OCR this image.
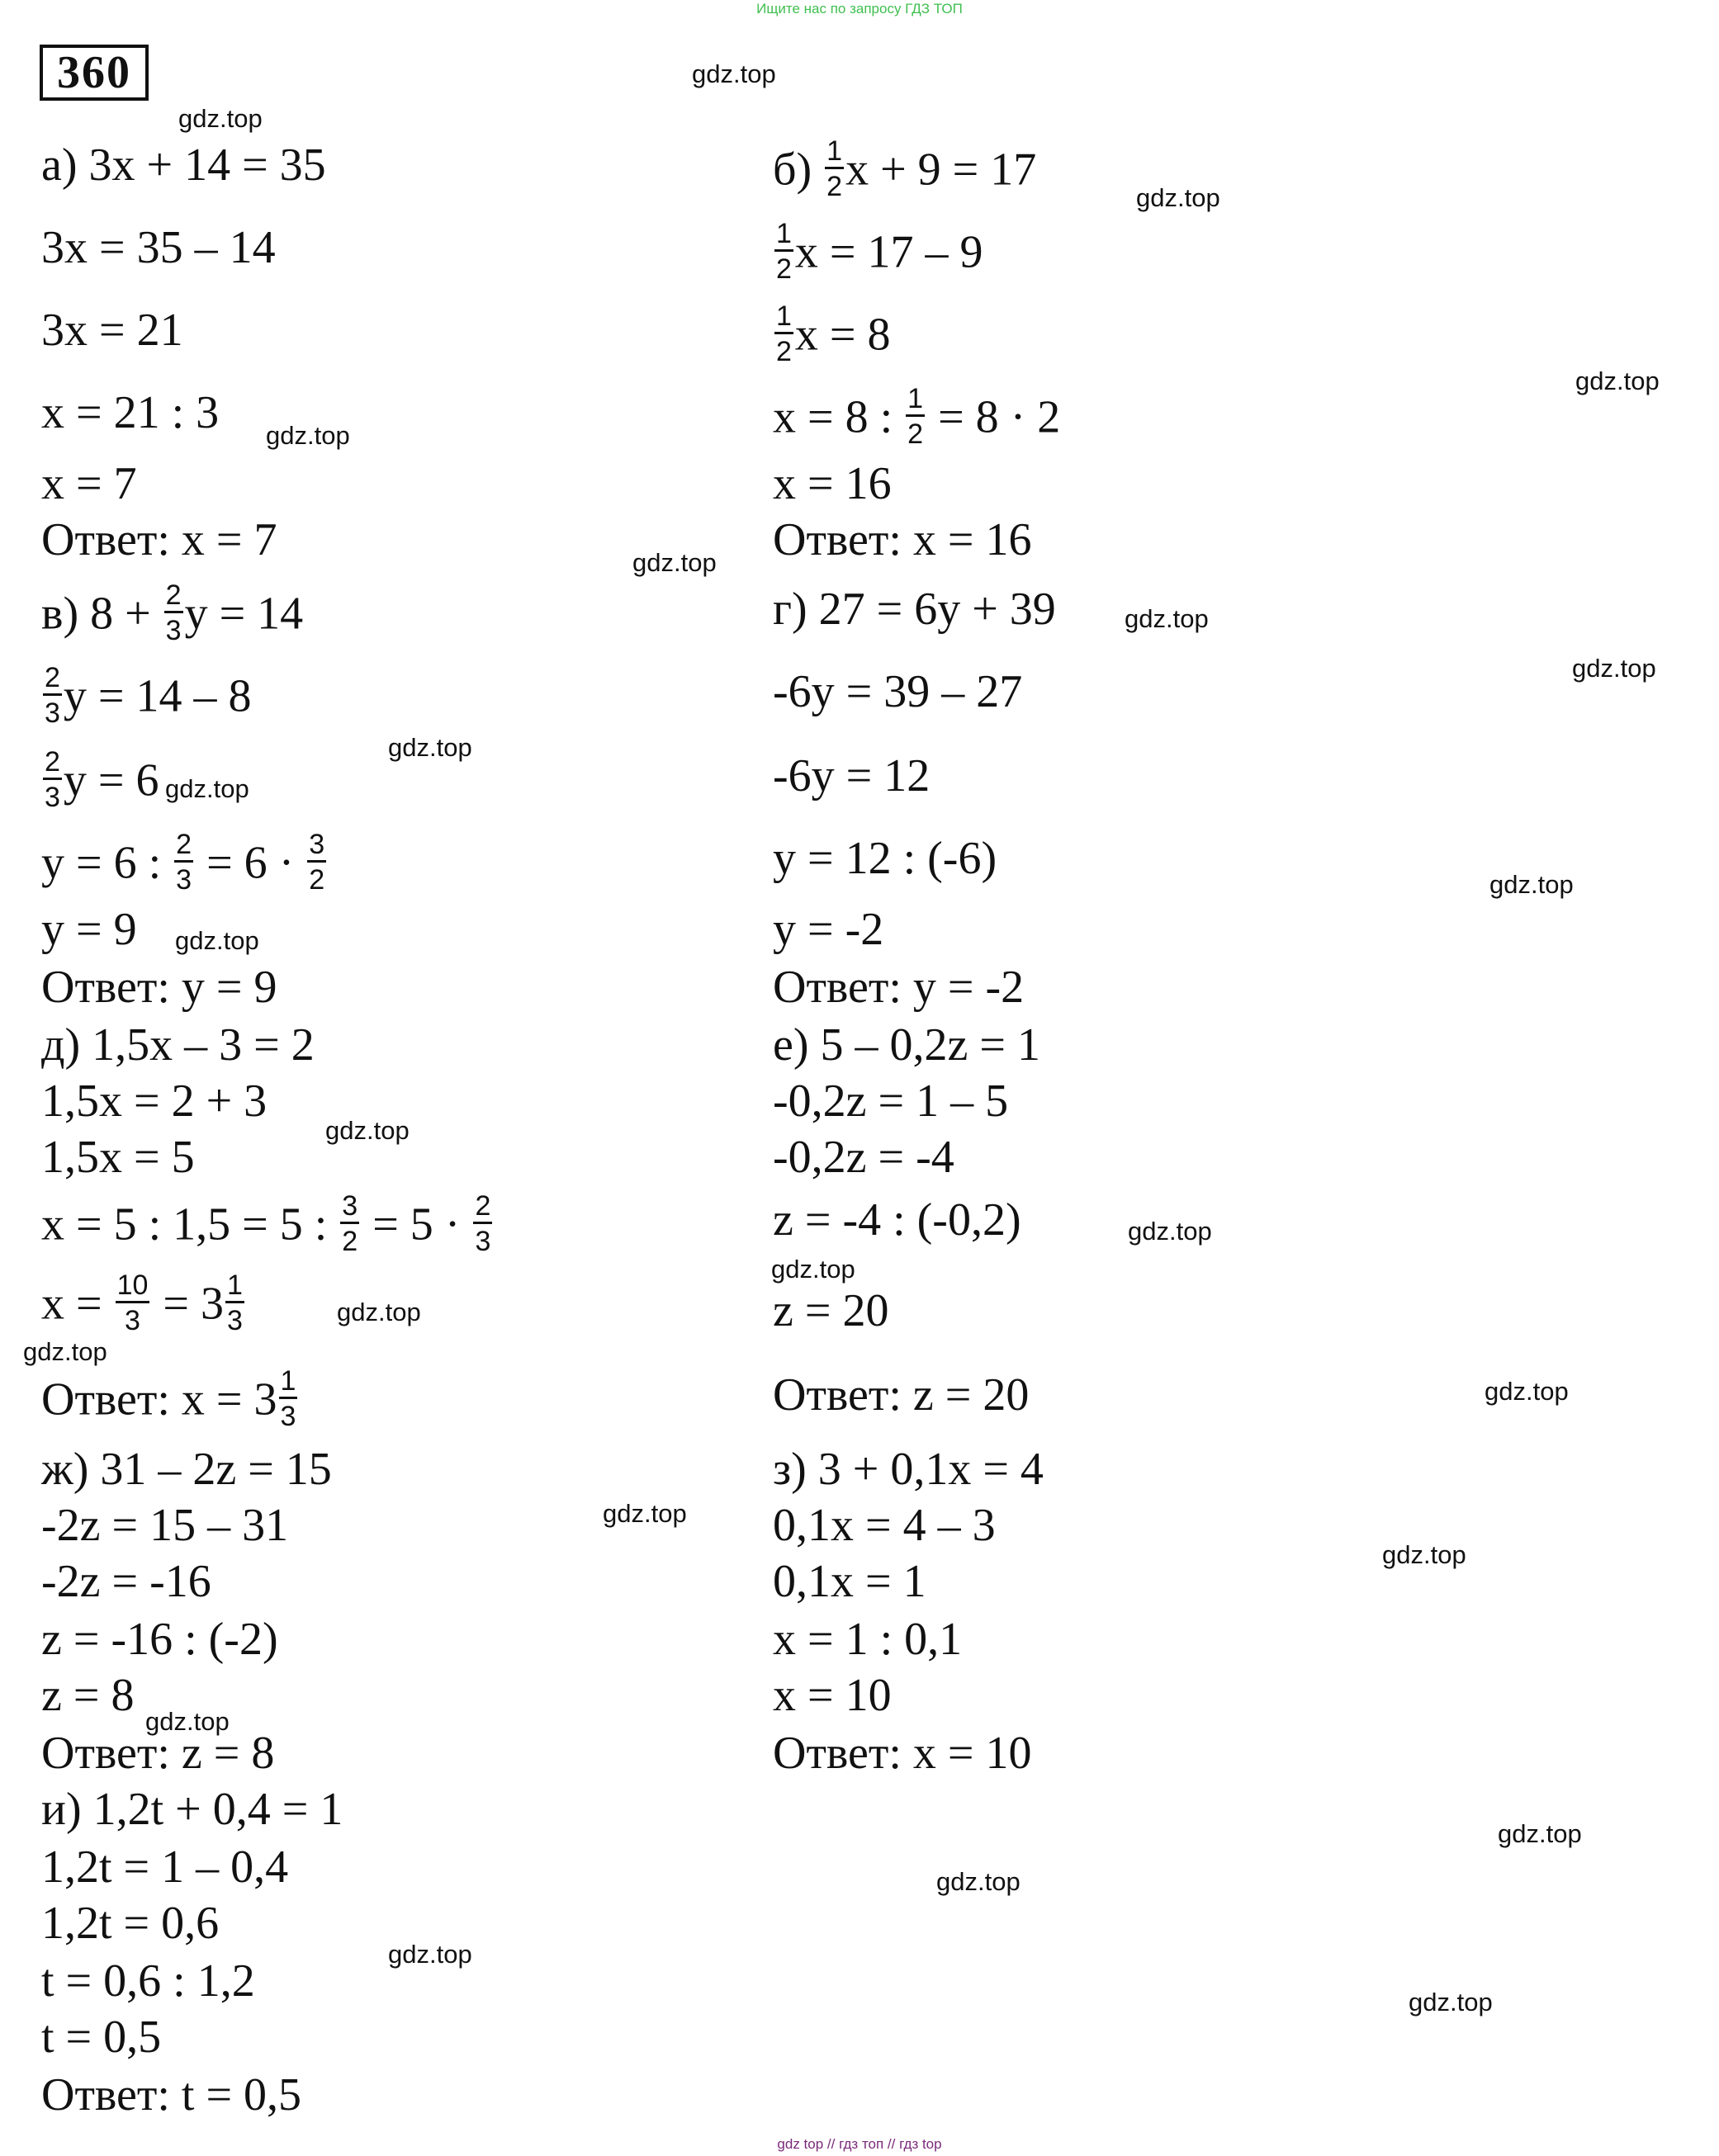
Ищите нас по запросу ГДЗ ТОП
360
а) 3x + 14 = 35
3x = 35 – 14
3x = 21
x = 21 : 3
x = 7
Ответ: x = 7
в) $8 + \frac{2}{3}$ y = 14
$\frac{2}{3}$ y = 14 – 8
$\frac{2}{3}$ y = 6
y = 6 : $\frac{2}{3} = 6 \cdot \frac{3}{2}$
y = 9
Ответ: y = 9
д) 1,5x – 3 = 2
1,5x = 2 + 3
1,5x = 5
x = 5 : 1,5 = 5 : $\frac{3}{2} = 5 \cdot \frac{2}{3}$
$x = \frac{10}{3} = 3 \frac{1}{3}$
Ответ: $x = 3 \frac{1}{3}$
ж) 31 – 2z = 15
-2z = 15 – 31
-2z = -16
z = -16 : (-2)
z = 8
Ответ: z = 8
и) 1,2t + 0,4 = 1
1,2t = 1 – 0,4
1,2t = 0,6
t = 0,6 : 1,2
t = 0,5
Ответ: t = 0,5
$б) \frac{1}{2}$ x + 9 = 17
$\frac{1}{2}$ x = 17 – 9
$\frac{1}{2}$ x = 8
x = 8 : $\frac{1}{2} = 8 \cdot 2$
x = 16
Ответ: x = 16
г) 27 = 6y + 39
-6y = 39 – 27
-6y = 12
y = 12 : (-6)
y = -2
Ответ: y = -2
е) 5 – 0,2z = 1
-0,2z = 1 – 5
-0,2z = -4
z = -4 : (-0,2)
z = 20
Ответ: z = 20
з) 3 + 0,1x = 4
0,1x = 4 – 3
0,1x = 1
x = 1 : 0,1
x = 10
Ответ: x = 10
gdz.top
gdz.top
gdz.top
gdz.top
gdz.top
gdz.top
gdz.top
gdz.top
gdz.top
gdz.top
gdz.top
gdz.top
gdz.top
gdz.top
gdz.top
gdz.top
gdz.top
gdz.top
gdz.top
gdz.top
gdz.top
gdz.top
gdz.top
gdz.top
gdz.top
gdz top // гдз топ // гдз top
